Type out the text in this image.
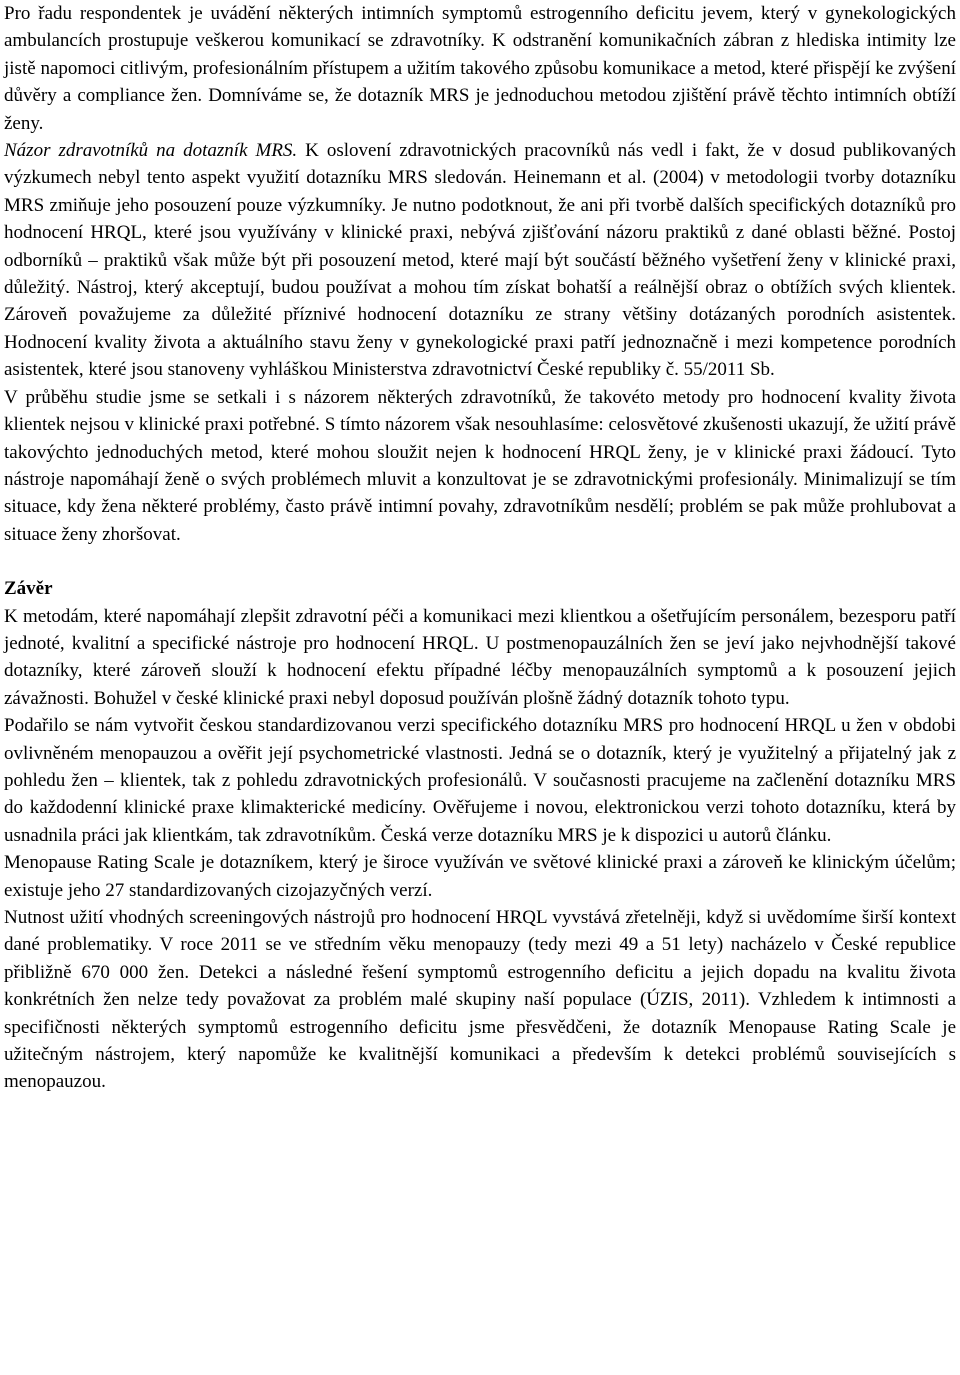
Pro řadu respondentek je uvádění některých intimních symptomů estrogenního deficitu jevem, který v gynekologických ambulancích prostupuje veškerou komunikací se zdravotníky. K odstranění komunikačních zábran z hlediska intimity lze jistě napomoci citlivým, profesionálním přístupem a užitím takového způsobu komunikace a metod, které přispějí ke zvýšení důvěry a compliance žen. Domníváme se, že dotazník MRS je jednoduchou metodou zjištění právě těchto intimních obtíží ženy.

Názor zdravotníků na dotazník MRS. K oslovení zdravotnických pracovníků nás vedl i fakt, že v dosud publikovaných výzkumech nebyl tento aspekt využití dotazníku MRS sledován. Heinemann et al. (2004) v metodologii tvorby dotazníku MRS zmiňuje jeho posouzení pouze výzkumníky. Je nutno podotknout, že ani při tvorbě dalších specifických dotazníků pro hodnocení HRQL, které jsou využívány v klinické praxi, nebývá zjišťování názoru praktiků z dané oblasti běžné. Postoj odborníků – praktiků však může být při posouzení metod, které mají být součástí běžného vyšetření ženy v klinické praxi, důležitý. Nástroj, který akceptují, budou používat a mohou tím získat bohatší a reálnější obraz o obtížích svých klientek. Zároveň považujeme za důležité příznivé hodnocení dotazníku ze strany většiny dotázaných porodních asistentek. Hodnocení kvality života a aktuálního stavu ženy v gynekologické praxi patří jednoznačně i mezi kompetence porodních asistentek, které jsou stanoveny vyhláškou Ministerstva zdravotnictví České republiky č. 55/2011 Sb.

V průběhu studie jsme se setkali i s názorem některých zdravotníků, že takovéto metody pro hodnocení kvality života klientek nejsou v klinické praxi potřebné. S tímto názorem však nesouhlasíme: celosvětové zkušenosti ukazují, že užití právě takovýchto jednoduchých metod, které mohou sloužit nejen k hodnocení HRQL ženy, je v klinické praxi žádoucí. Tyto nástroje napomáhají ženě o svých problémech mluvit a konzultovat je se zdravotnickými profesionály. Minimalizují se tím situace, kdy žena některé problémy, často právě intimní povahy, zdravotníkům nesdělí; problém se pak může prohlubovat a situace ženy zhoršovat.

Závěr

K metodám, které napomáhají zlepšit zdravotní péči a komunikaci mezi klientkou a ošetřujícím personálem, bezesporu patří jednoté, kvalitní a specifické nástroje pro hodnocení HRQL. U postmenopauzálních žen se jeví jako nejvhodnější takové dotazníky, které zároveň slouží k hodnocení efektu případné léčby menopauzálních symptomů a k posouzení jejich závažnosti. Bohužel v české klinické praxi nebyl doposud používán plošně žádný dotazník tohoto typu.

Podařilo se nám vytvořit českou standardizovanou verzi specifického dotazníku MRS pro hodnocení HRQL u žen v obdobi ovlivněném menopauzou a ověřit její psychometrické vlastnosti. Jedná se o dotazník, který je využitelný a přijatelný jak z pohledu žen – klientek, tak z pohledu zdravotnických profesionálů. V současnosti pracujeme na začlenění dotazníku MRS do každodenní klinické praxe klimakterické medicíny. Ověřujeme i novou, elektronickou verzi tohoto dotazníku, která by usnadnila práci jak klientkám, tak zdravotníkům. Česká verze dotazníku MRS je k dispozici u autorů článku.

Menopause Rating Scale je dotazníkem, který je široce využíván ve světové klinické praxi a zároveň ke klinickým účelům; existuje jeho 27 standardizovaných cizojazyčných verzí.

Nutnost užití vhodných screeningových nástrojů pro hodnocení HRQL vyvstává zřetelněji, když si uvědomíme širší kontext dané problematiky. V roce 2011 se ve středním věku menopauzy (tedy mezi 49 a 51 lety) nacházelo v České republice přibližně 670 000 žen. Detekci a následné řešení symptomů estrogenního deficitu a jejich dopadu na kvalitu života konkrétních žen nelze tedy považovat za problém malé skupiny naší populace (ÚZIS, 2011). Vzhledem k intimnosti a specifičnosti některých symptomů estrogenního deficitu jsme přesvědčeni, že dotazník Menopause Rating Scale je užitečným nástrojem, který napomůže ke kvalitnější komunikaci a především k detekci problémů souvisejících s menopauzou.
